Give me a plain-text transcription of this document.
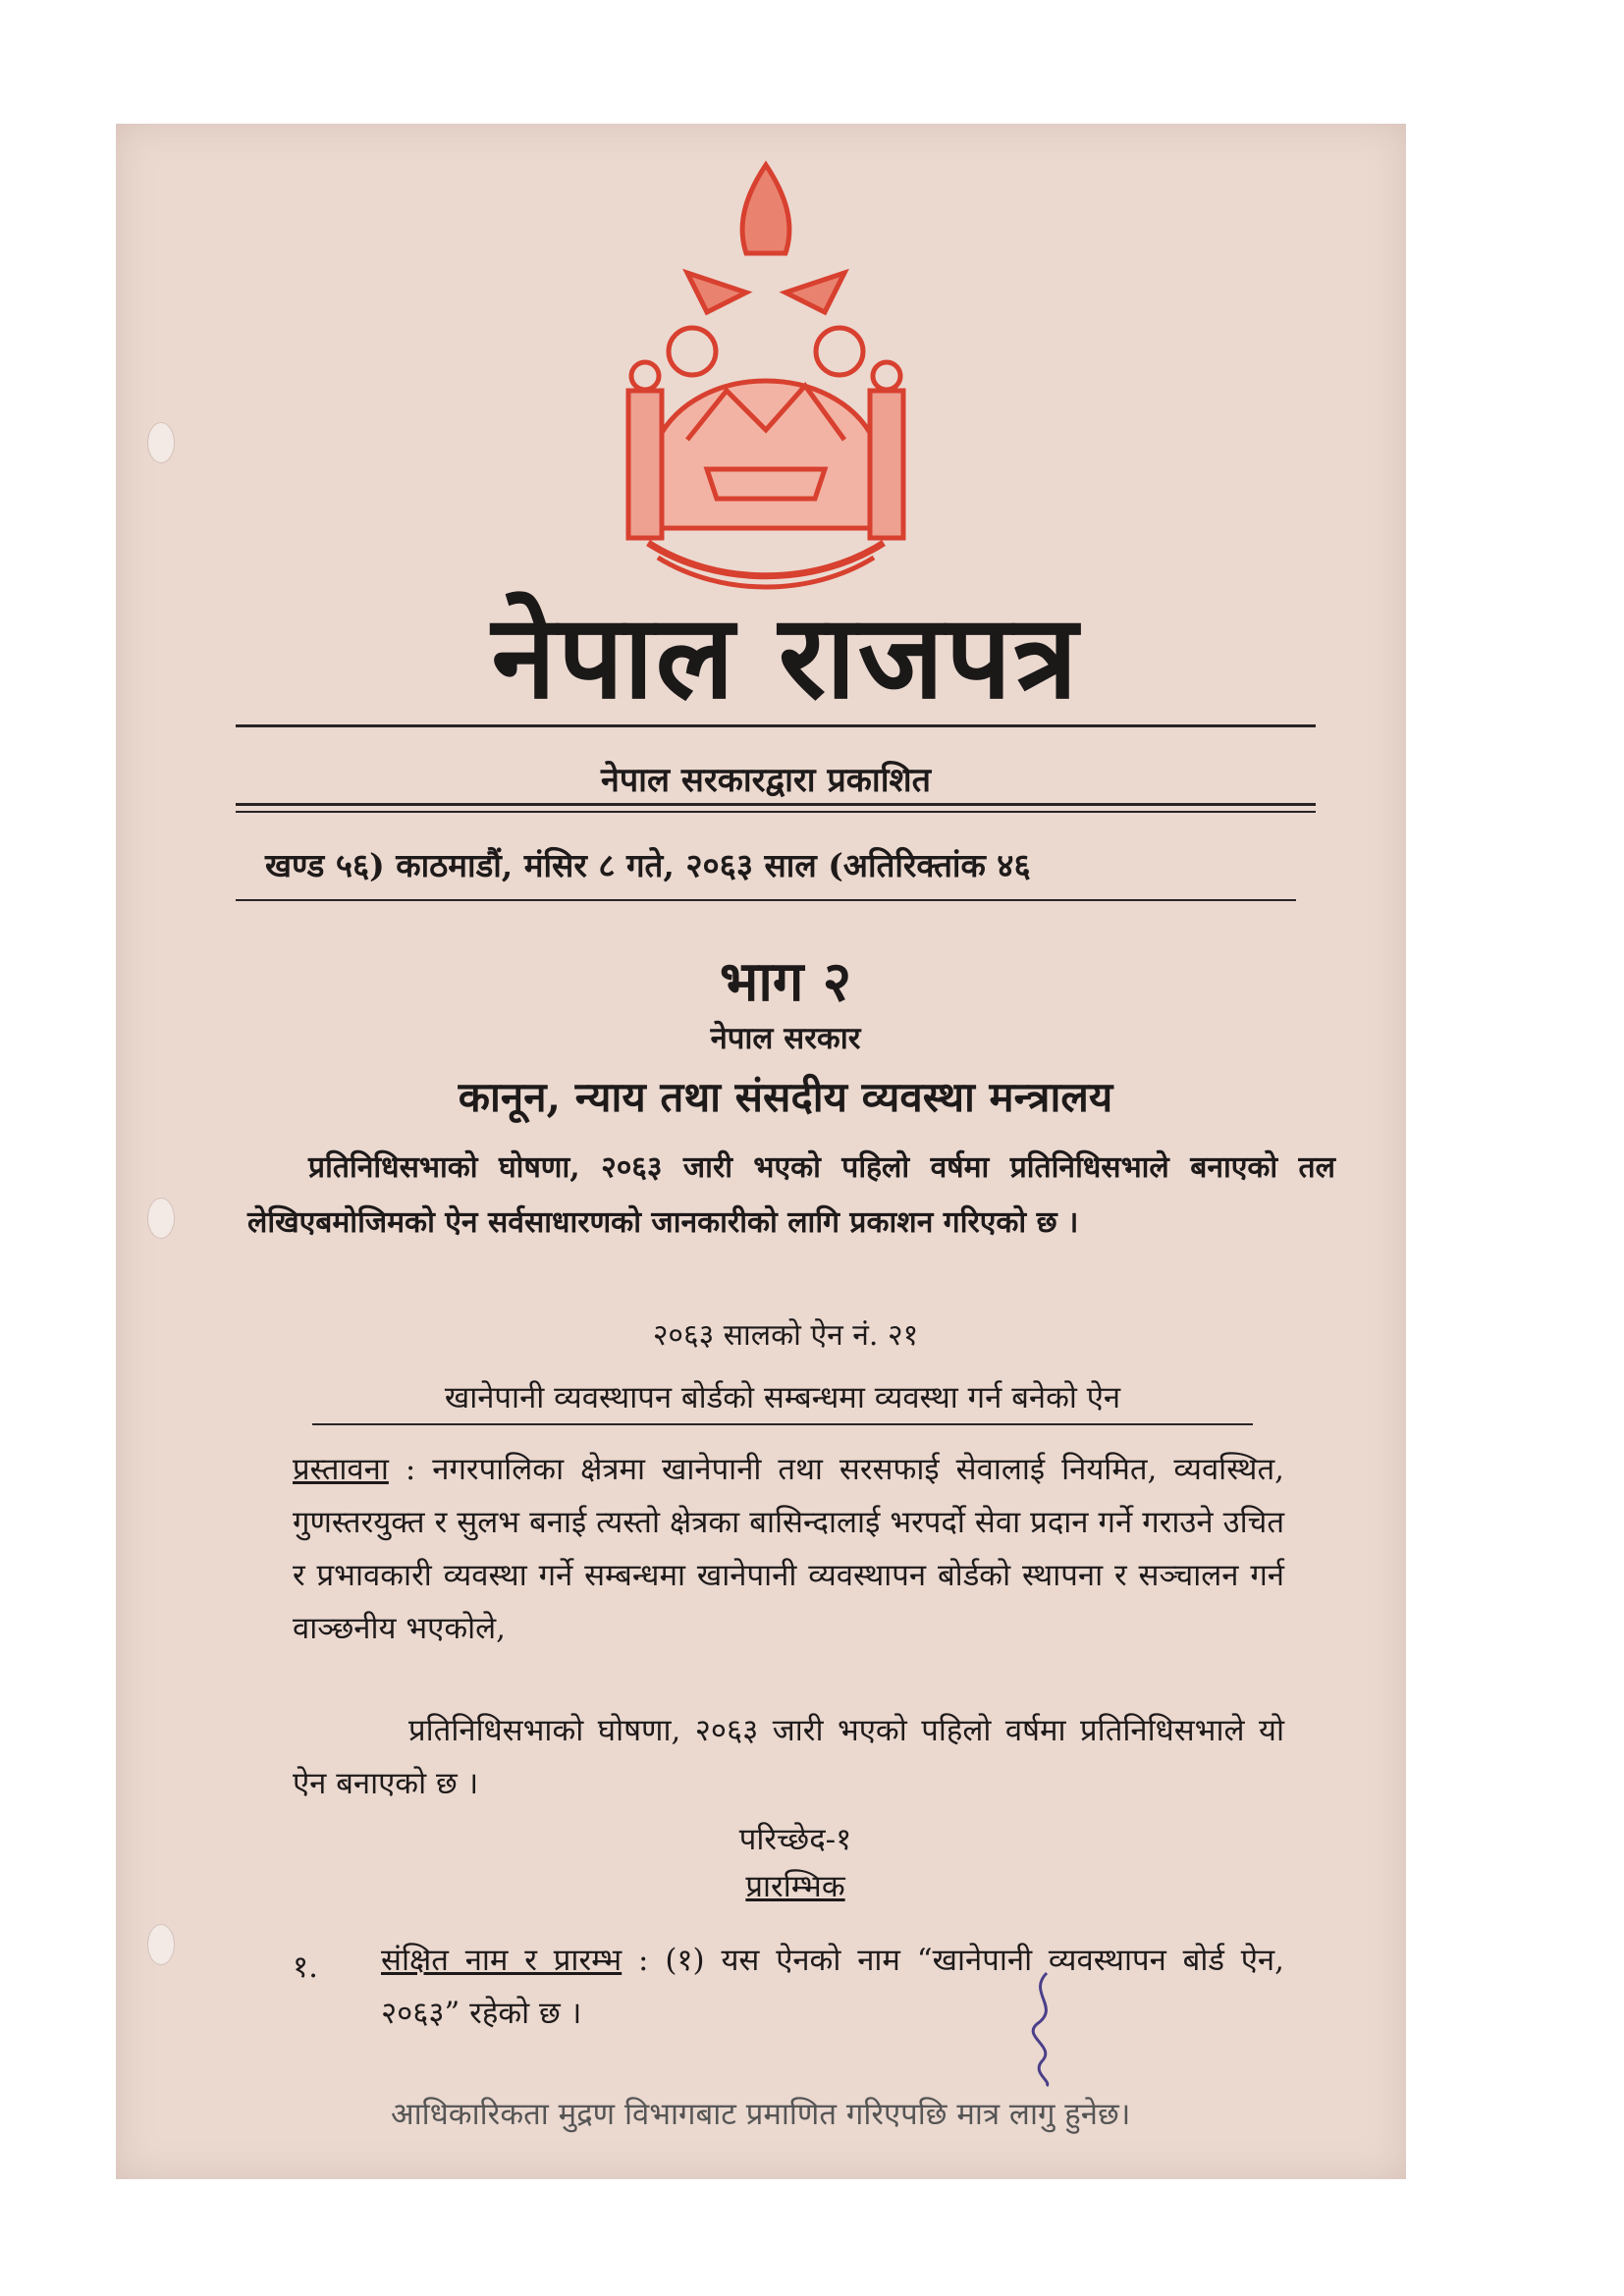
नेपाल राजपत्र
नेपाल सरकारद्वारा प्रकाशित
खण्ड ५६) काठमाडौं, मंसिर ८ गते, २०६३ साल (अतिरिक्तांक ४६
भाग २
नेपाल सरकार
कानून, न्याय तथा संसदीय व्यवस्था मन्त्रालय
प्रतिनिधिसभाको घोषणा, २०६३ जारी भएको पहिलो वर्षमा प्रतिनिधिसभाले बनाएको तल लेखिएबमोजिमको ऐन सर्वसाधारणको जानकारीको लागि प्रकाशन गरिएको छ ।
२०६३ सालको ऐन नं. २१
खानेपानी व्यवस्थापन बोर्डको सम्बन्धमा व्यवस्था गर्न बनेको ऐन
प्रस्तावना : नगरपालिका क्षेत्रमा खानेपानी तथा सरसफाई सेवालाई नियमित, व्यवस्थित, गुणस्तरयुक्त र सुलभ बनाई त्यस्तो क्षेत्रका बासिन्दालाई भरपर्दो सेवा प्रदान गर्ने गराउने उचित र प्रभावकारी व्यवस्था गर्ने सम्बन्धमा खानेपानी व्यवस्थापन बोर्डको स्थापना र सञ्चालन गर्न वाञ्छनीय भएकोले,
प्रतिनिधिसभाको घोषणा, २०६३ जारी भएको पहिलो वर्षमा प्रतिनिधिसभाले यो ऐन बनाएको छ ।
परिच्छेद-१
प्रारम्भिक
१.	संक्षित नाम र प्रारम्भ : (१) यस ऐनको नाम “खानेपानी व्यवस्थापन बोर्ड ऐन, २०६३” रहेको छ ।
आधिकारिकता मुद्रण विभागबाट प्रमाणित गरिएपछि मात्र लागु हुनेछ।
